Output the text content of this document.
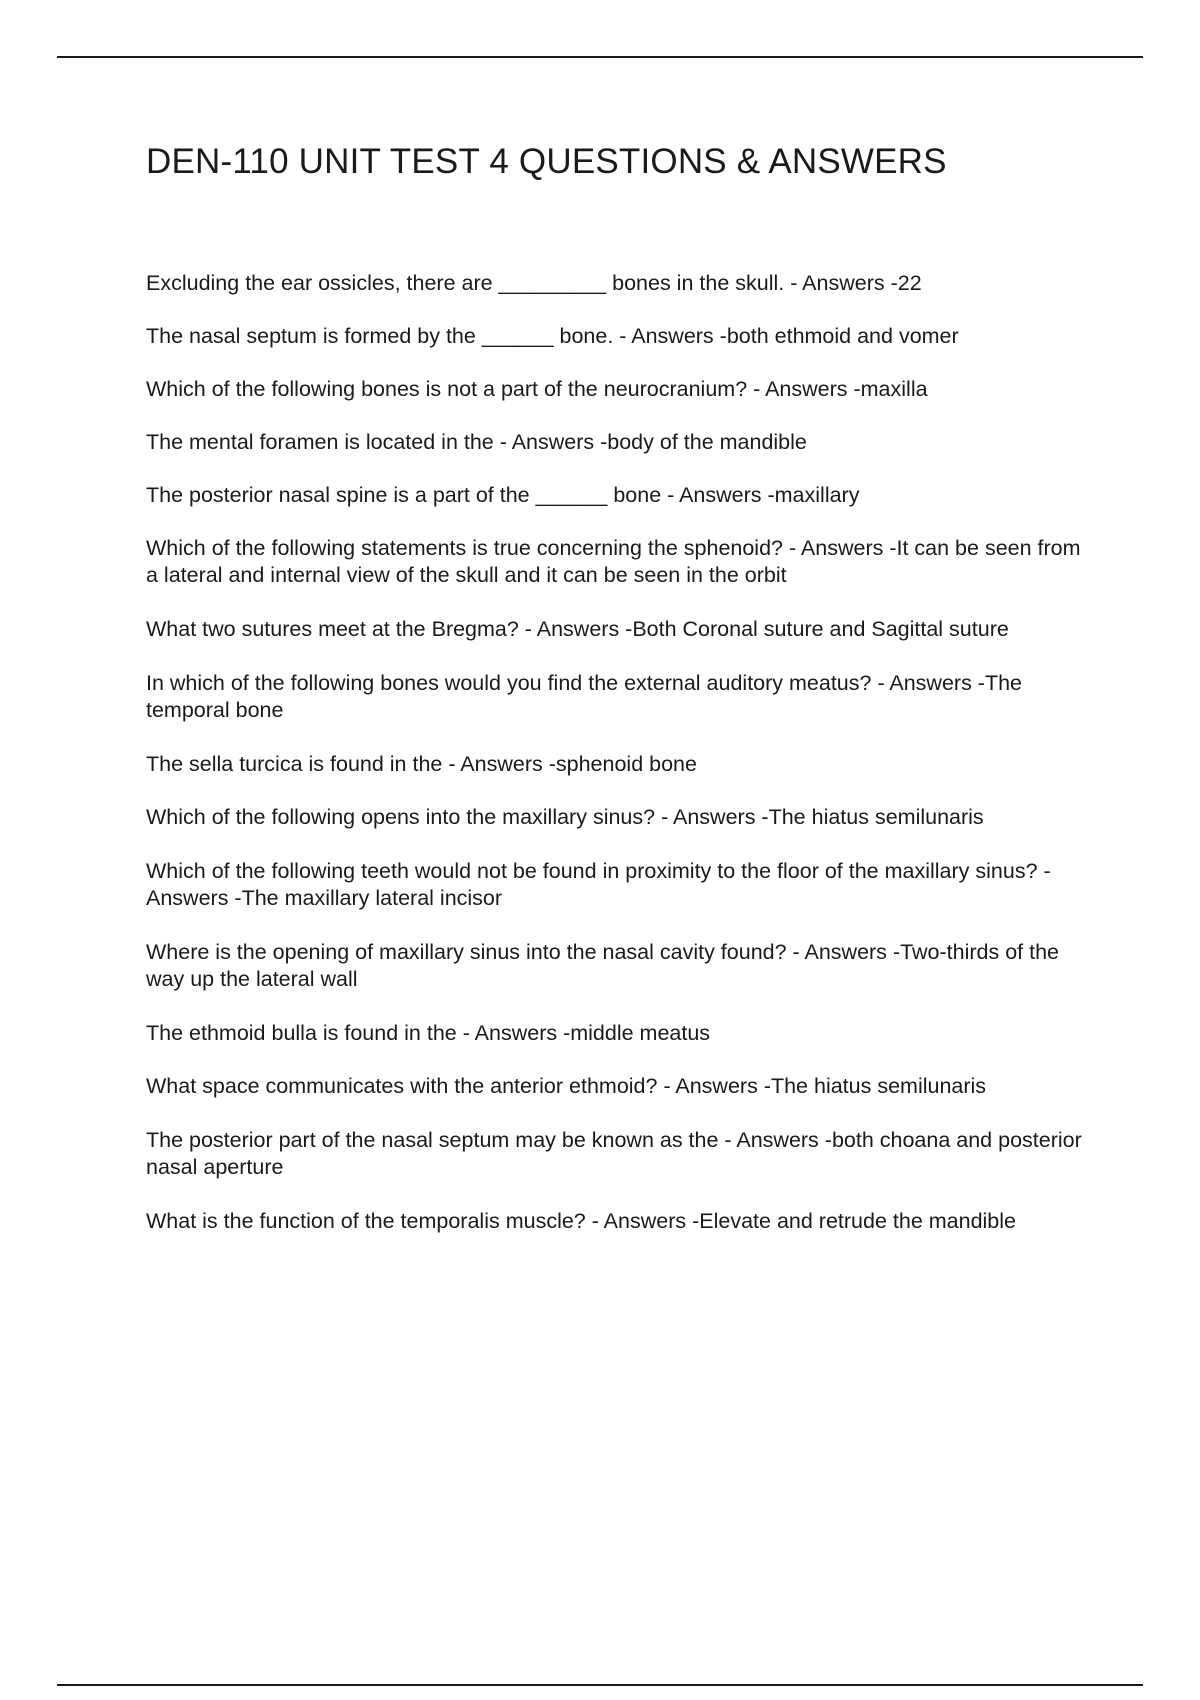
DEN-110 UNIT TEST 4 QUESTIONS & ANSWERS
Excluding the ear ossicles, there are _________ bones in the skull. - Answers -22
The nasal septum is formed by the ______ bone. - Answers -both ethmoid and vomer
Which of the following bones is not a part of the neurocranium? - Answers -maxilla
The mental foramen is located in the - Answers -body of the mandible
The posterior nasal spine is a part of the ______ bone - Answers -maxillary
Which of the following statements is true concerning the sphenoid? - Answers -It can be seen from a lateral and internal view of the skull and it can be seen in the orbit
What two sutures meet at the Bregma? - Answers -Both Coronal suture and Sagittal suture
In which of the following bones would you find the external auditory meatus? - Answers -The temporal bone
The sella turcica is found in the - Answers -sphenoid bone
Which of the following opens into the maxillary sinus? - Answers -The hiatus semilunaris
Which of the following teeth would not be found in proximity to the floor of the maxillary sinus? - Answers -The maxillary lateral incisor
Where is the opening of maxillary sinus into the nasal cavity found? - Answers -Two-thirds of the way up the lateral wall
The ethmoid bulla is found in the - Answers -middle meatus
What space communicates with the anterior ethmoid? - Answers -The hiatus semilunaris
The posterior part of the nasal septum may be known as the - Answers -both choana and posterior nasal aperture
What is the function of the temporalis muscle? - Answers -Elevate and retrude the mandible
